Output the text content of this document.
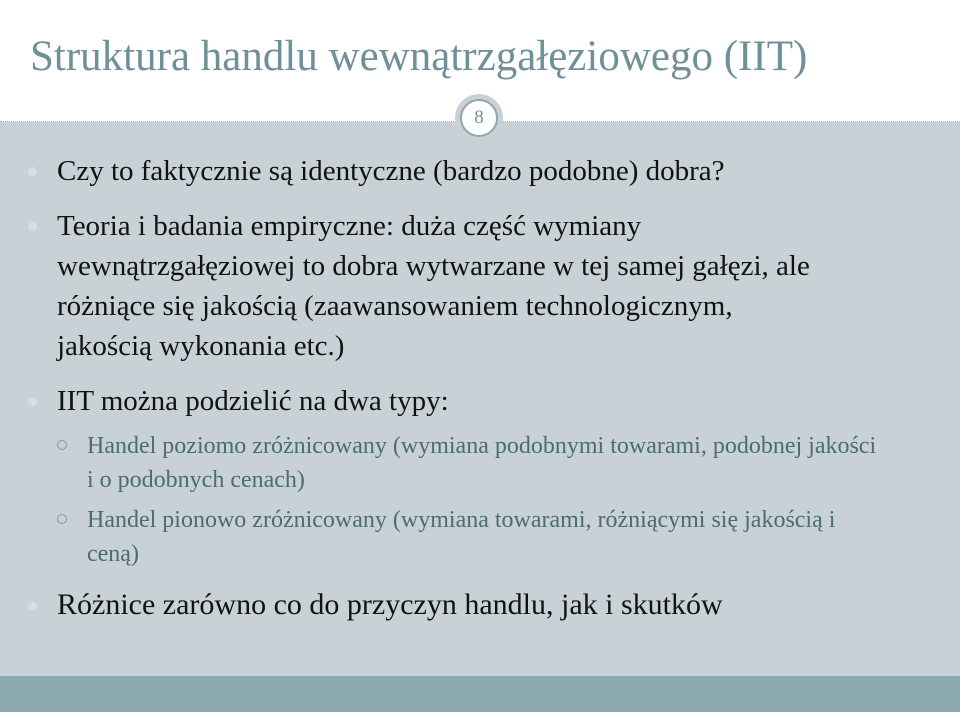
Struktura handlu wewnątrzgałęziowego (IIT)
8
Czy to faktycznie są identyczne (bardzo podobne) dobra?
Teoria i badania empiryczne: duża część wymiany wewnątrzgałęziowej to dobra wytwarzane w tej samej gałęzi, ale różniące się jakością (zaawansowaniem technologicznym, jakością wykonania etc.)
IIT można podzielić na dwa typy:
Handel poziomo zróżnicowany (wymiana podobnymi towarami, podobnej jakości i o podobnych cenach)
Handel pionowo zróżnicowany (wymiana towarami, różniącymi się jakością i ceną)
Różnice zarówno co do przyczyn handlu, jak i skutków
